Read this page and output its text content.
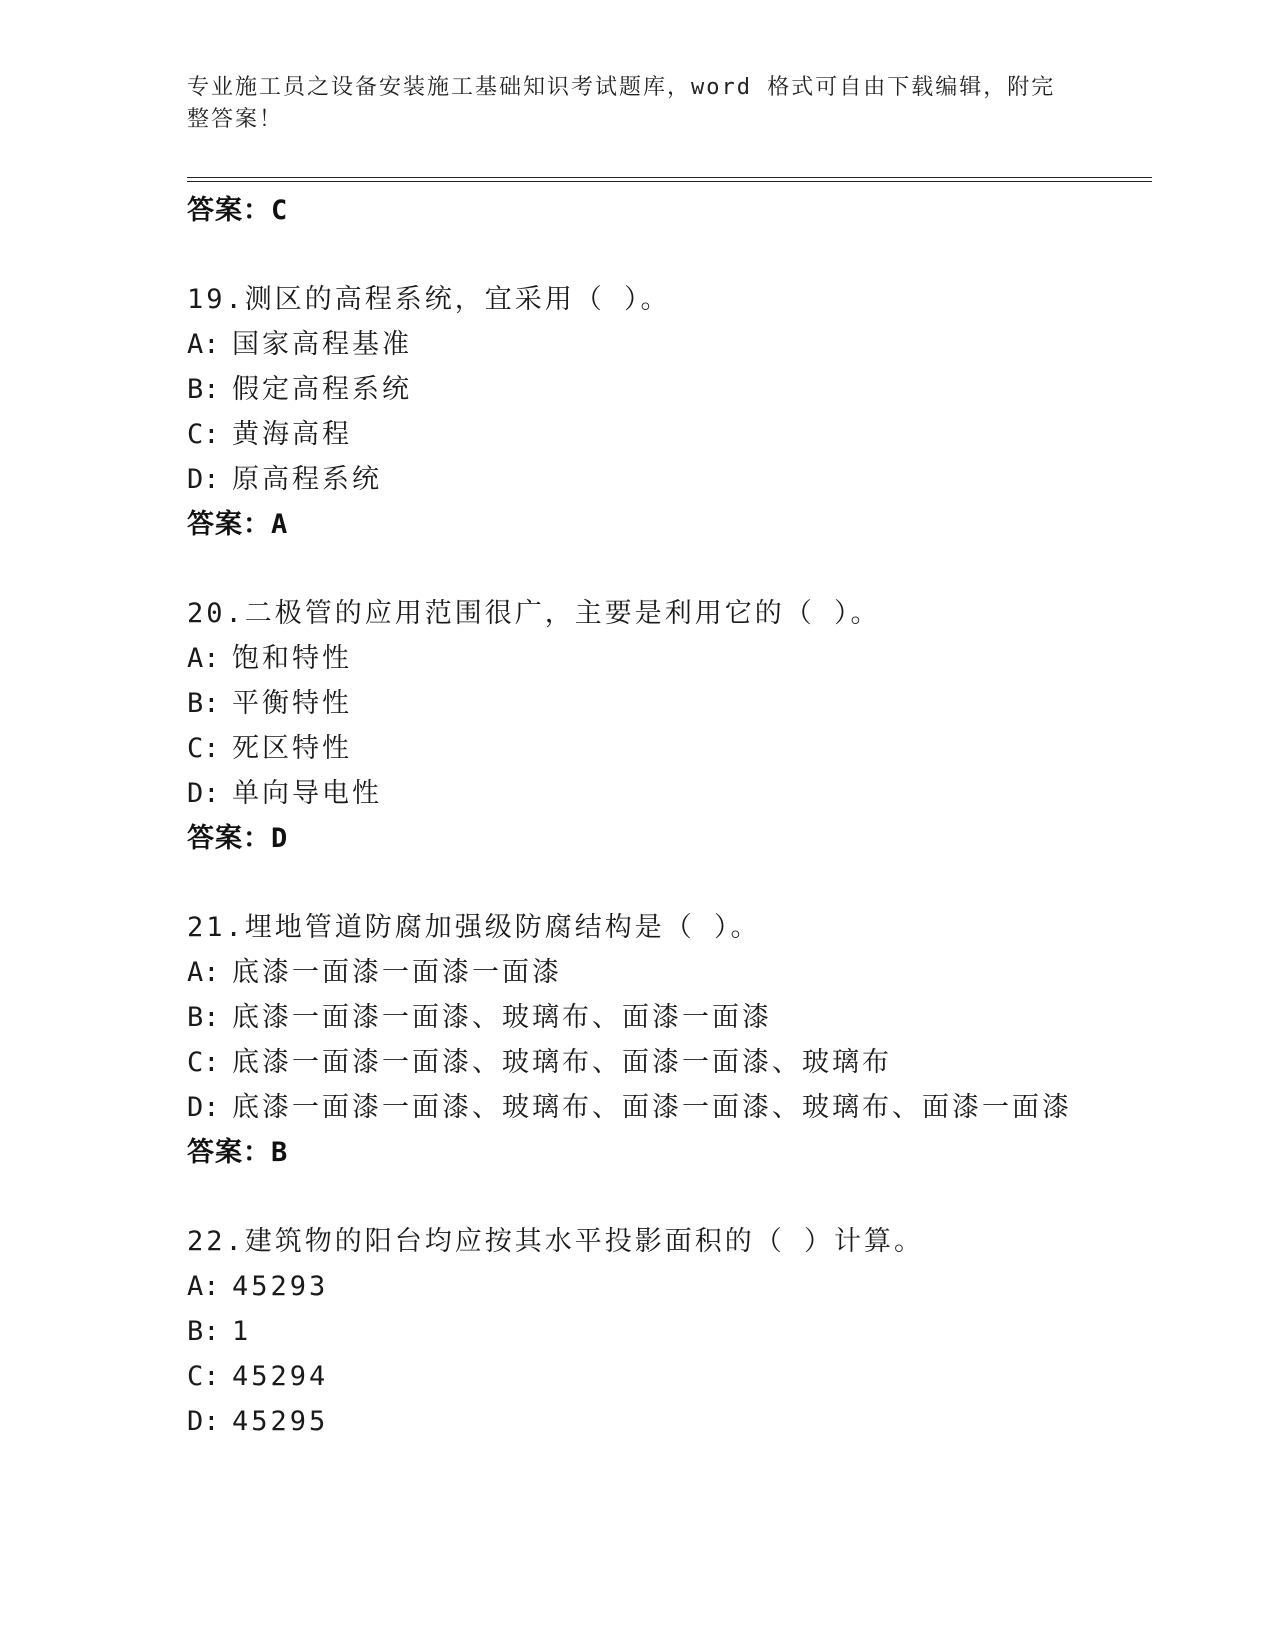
专业施工员之设备安装施工基础知识考试题库，word 格式可自由下载编辑，附完
整答案！
答案：C
19.测区的高程系统，宜采用（ ）。
A: 国家高程基准
B: 假定高程系统
C: 黄海高程
D: 原高程系统
答案：A
20.二极管的应用范围很广，主要是利用它的（ ）。
A: 饱和特性
B: 平衡特性
C: 死区特性
D: 单向导电性
答案：D
21.埋地管道防腐加强级防腐结构是（ ）。
A: 底漆一面漆一面漆一面漆
B: 底漆一面漆一面漆、玻璃布、面漆一面漆
C: 底漆一面漆一面漆、玻璃布、面漆一面漆、玻璃布
D: 底漆一面漆一面漆、玻璃布、面漆一面漆、玻璃布、面漆一面漆
答案：B
22.建筑物的阳台均应按其水平投影面积的（ ）计算。
A: 45293
B: 1
C: 45294
D: 45295
